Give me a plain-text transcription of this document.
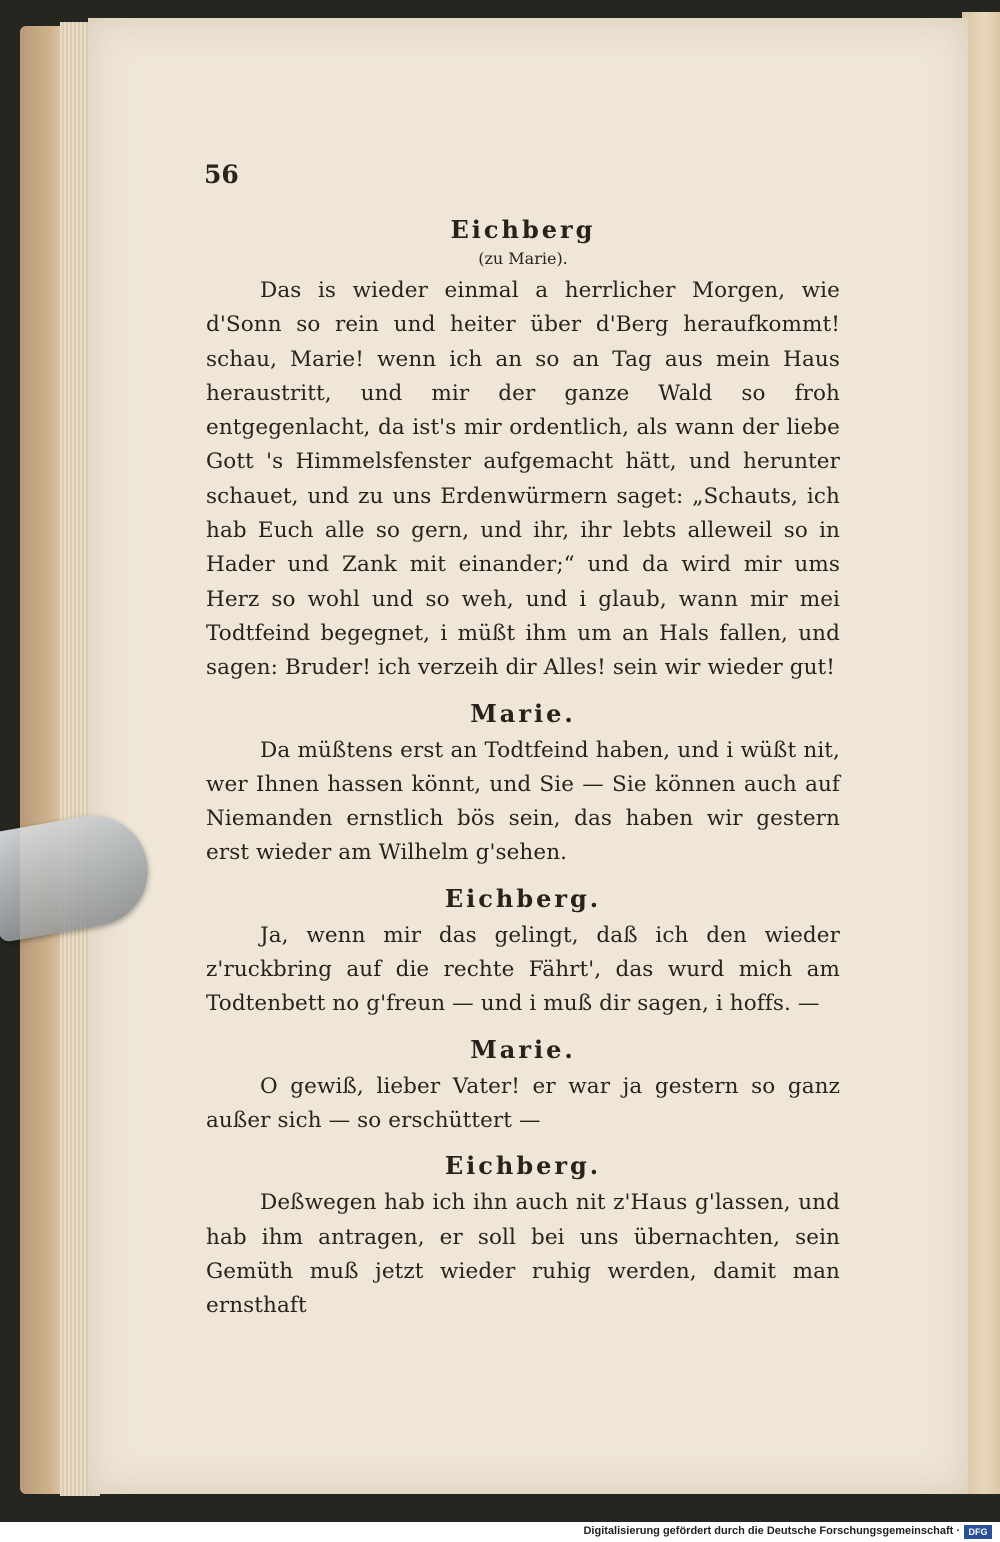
56

Eichberg

(zu Marie).

Das is wieder einmal a herrlicher Morgen, wie d'Sonn so rein und heiter über d'Berg heraufkommt! schau, Marie! wenn ich an so an Tag aus mein Haus heraustritt, und mir der ganze Wald so froh entgegenlacht, da ist's mir ordentlich, als wann der liebe Gott 's Himmelsfenster aufgemacht hätt, und herunter schauet, und zu uns Erdenwürmern saget: „Schauts, ich hab Euch alle so gern, und ihr, ihr lebts alleweil so in Hader und Zank mit einander;“ und da wird mir ums Herz so wohl und so weh, und i glaub, wann mir mei Todtfeind begegnet, i müßt ihm um an Hals fallen, und sagen: Bruder! ich verzeih dir Alles! sein wir wieder gut!

Marie.

Da müßtens erst an Todtfeind haben, und i wüßt nit, wer Ihnen hassen könnt, und Sie — Sie können auch auf Niemanden ernstlich bös sein, das haben wir gestern erst wieder am Wilhelm g'sehen.

Eichberg.

Ja, wenn mir das gelingt, daß ich den wieder z'ruckbring auf die rechte Fährt', das wurd mich am Todtenbett no g'freun — und i muß dir sagen, i hoffs. —

Marie.

O gewiß, lieber Vater! er war ja gestern so ganz außer sich — so erschüttert —

Eichberg.

Deßwegen hab ich ihn auch nit z'Haus g'lassen, und hab ihm antragen, er soll bei uns übernachten, sein Gemüth muß jetzt wieder ruhig werden, damit man ernsthaft

Digitalisierung gefördert durch die Deutsche Forschungsgemeinschaft · DFG
